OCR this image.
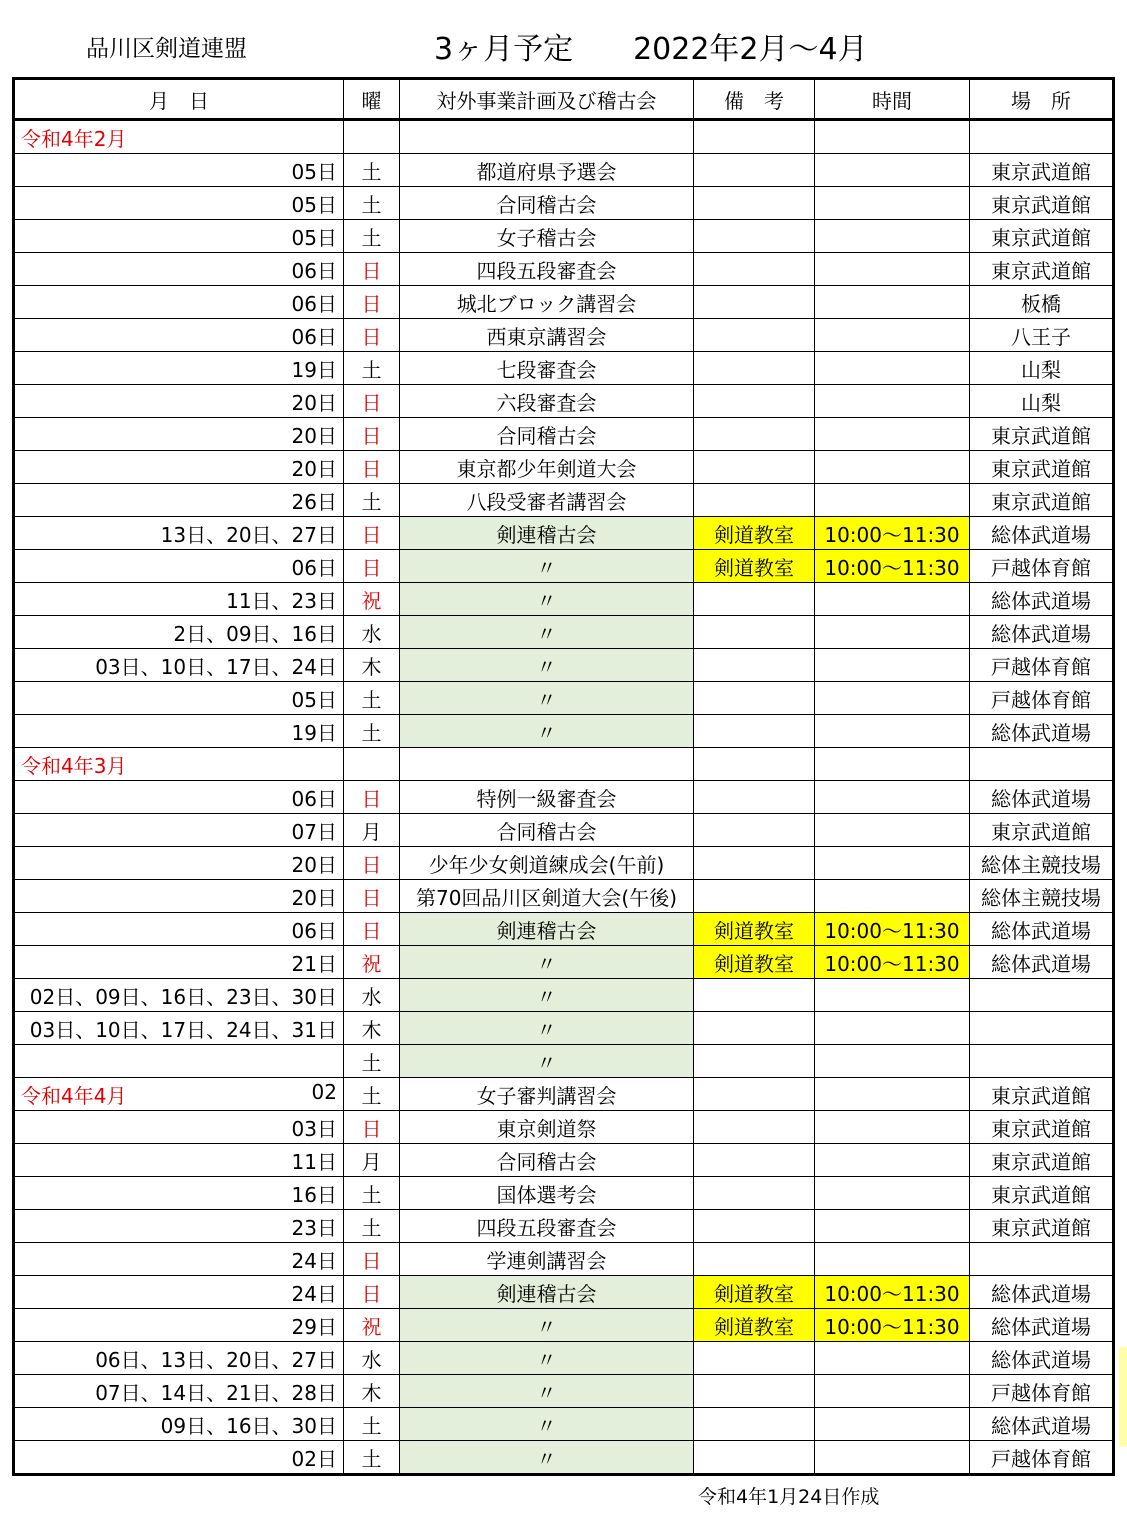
品川区剣道連盟	3ヶ月予定　　2022年2月～4月
月　日	曜	対外事業計画及び稽古会	備　考	時間	場　所

令和4年2月					

05日	土	都道府県予選会			東京武道館
05日	土	合同稽古会			東京武道館
05日	土	女子稽古会			東京武道館
06日	日	四段五段審査会			東京武道館
06日	日	城北ブロック講習会			板橋
06日	日	西東京講習会			八王子
19日	土	七段審査会			山梨
20日	日	六段審査会			山梨
20日	日	合同稽古会			東京武道館
20日	日	東京都少年剣道大会			東京武道館
26日	土	八段受審者講習会			東京武道館
13日、20日、27日	日	剣連稽古会	剣道教室	10:00～11:30	総体武道場
06日	日	〃	剣道教室	10:00～11:30	戸越体育館
11日、23日	祝	〃			総体武道場
2日、09日、16日	水	〃			総体武道場
03日、10日、17日、24日	木	〃			戸越体育館
05日	土	〃			戸越体育館
19日	土	〃			総体武道場

令和4年3月					

06日	日	特例一級審査会			総体武道場
07日	月	合同稽古会			東京武道館
20日	日	少年少女剣道練成会(午前)			総体主競技場
20日	日	第70回品川区剣道大会(午後)			総体主競技場
06日	日	剣連稽古会	剣道教室	10:00～11:30	総体武道場
21日	祝	〃	剣道教室	10:00～11:30	総体武道場
02日、09日、16日、23日、30日	水	〃			
03日、10日、17日、24日、31日	木	〃			
	土	〃			

令和4年4月 02	土	女子審判講習会			東京武道館
03日	日	東京剣道祭			東京武道館
11日	月	合同稽古会			東京武道館
16日	土	国体選考会			東京武道館
23日	土	四段五段審査会			東京武道館
24日	日	学連剣講習会			
24日	日	剣連稽古会	剣道教室	10:00～11:30	総体武道場
29日	祝	〃	剣道教室	10:00～11:30	総体武道場
06日、13日、20日、27日	水	〃			総体武道場
07日、14日、21日、28日	木	〃			戸越体育館
09日、16日、30日	土	〃			総体武道場
02日	土	〃			戸越体育館
令和4年1月24日作成
